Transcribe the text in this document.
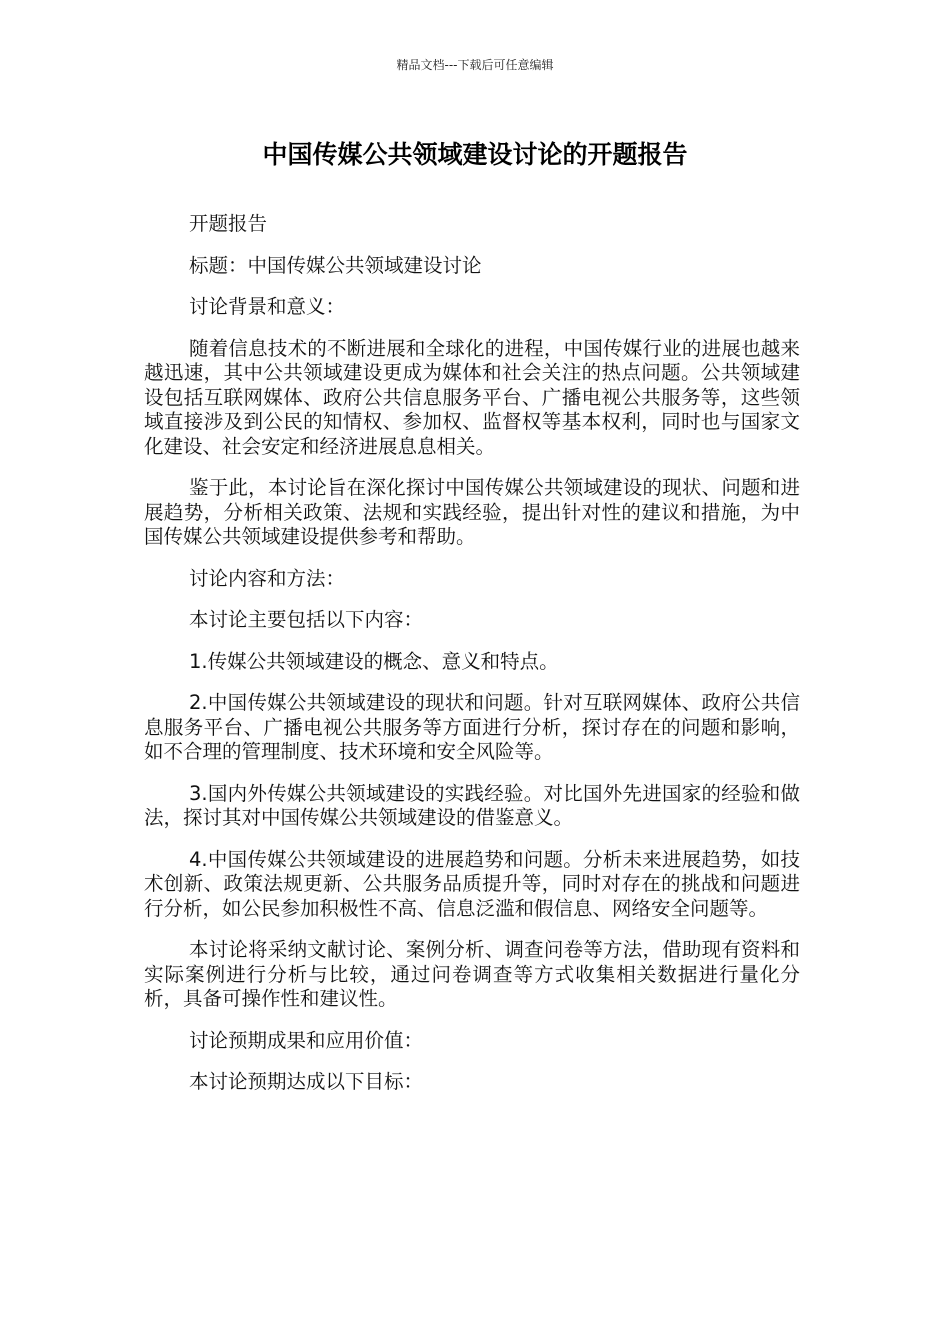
精品文档---下载后可任意编辑
中国传媒公共领域建设讨论的开题报告

开题报告

标题：中国传媒公共领域建设讨论

讨论背景和意义：

随着信息技术的不断进展和全球化的进程，中国传媒行业的进展也越来越迅速，其中公共领域建设更成为媒体和社会关注的热点问题。公共领域建设包括互联网媒体、政府公共信息服务平台、广播电视公共服务等，这些领域直接涉及到公民的知情权、参加权、监督权等基本权利，同时也与国家文化建设、社会安定和经济进展息息相关。

鉴于此，本讨论旨在深化探讨中国传媒公共领域建设的现状、问题和进展趋势，分析相关政策、法规和实践经验，提出针对性的建议和措施，为中国传媒公共领域建设提供参考和帮助。

讨论内容和方法：

本讨论主要包括以下内容：

1.传媒公共领域建设的概念、意义和特点。

2.中国传媒公共领域建设的现状和问题。针对互联网媒体、政府公共信息服务平台、广播电视公共服务等方面进行分析，探讨存在的问题和影响，如不合理的管理制度、技术环境和安全风险等。

3.国内外传媒公共领域建设的实践经验。对比国外先进国家的经验和做法，探讨其对中国传媒公共领域建设的借鉴意义。

4.中国传媒公共领域建设的进展趋势和问题。分析未来进展趋势，如技术创新、政策法规更新、公共服务品质提升等，同时对存在的挑战和问题进行分析，如公民参加积极性不高、信息泛滥和假信息、网络安全问题等。

本讨论将采纳文献讨论、案例分析、调查问卷等方法，借助现有资料和实际案例进行分析与比较，通过问卷调查等方式收集相关数据进行量化分析，具备可操作性和建议性。

讨论预期成果和应用价值：

本讨论预期达成以下目标：
